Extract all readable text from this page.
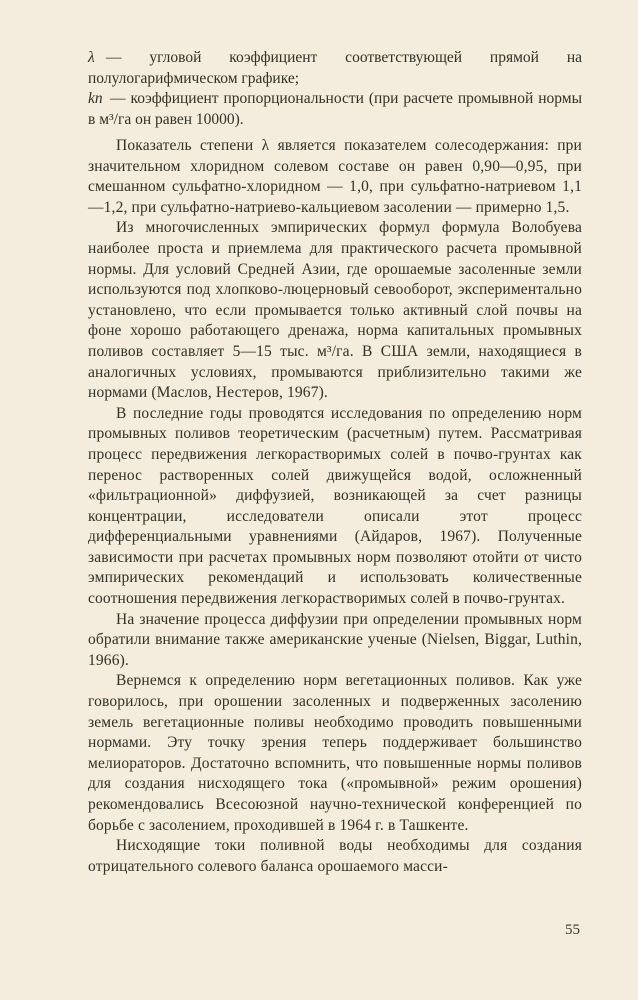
λ — угловой коэффициент соответствующей прямой на полулогарифмическом графике;
kп — коэффициент пропорциональности (при расчете промывной нормы в м³/га он равен 10000).

Показатель степени λ является показателем солесодержания: при значительном хлоридном солевом составе он равен 0,90—0,95, при смешанном сульфатно-хлоридном — 1,0, при сульфатно-натриевом 1,1—1,2, при сульфатно-натриево-кальциевом засолении — примерно 1,5.

Из многочисленных эмпирических формул формула Волобуева наиболее проста и приемлема для практического расчета промывной нормы. Для условий Средней Азии, где орошаемые засоленные земли используются под хлопково-люцерновый севооборот, экспериментально установлено, что если промывается только активный слой почвы на фоне хорошо работающего дренажа, норма капитальных промывных поливов составляет 5—15 тыс. м³/га. В США земли, находящиеся в аналогичных условиях, промываются приблизительно такими же нормами (Маслов, Нестеров, 1967).

В последние годы проводятся исследования по определению норм промывных поливов теоретическим (расчетным) путем. Рассматривая процесс передвижения легкорастворимых солей в почво-грунтах как перенос растворенных солей движущейся водой, осложненный «фильтрационной» диффузией, возникающей за счет разницы концентрации, исследователи описали этот процесс дифференциальными уравнениями (Айдаров, 1967). Полученные зависимости при расчетах промывных норм позволяют отойти от чисто эмпирических рекомендаций и использовать количественные соотношения передвижения легкорастворимых солей в почво-грунтах.

На значение процесса диффузии при определении промывных норм обратили внимание также американские ученые (Nielsen, Biggar, Luthin, 1966).

Вернемся к определению норм вегетационных поливов. Как уже говорилось, при орошении засоленных и подверженных засолению земель вегетационные поливы необходимо проводить повышенными нормами. Эту точку зрения теперь поддерживает большинство мелиораторов. Достаточно вспомнить, что повышенные нормы поливов для создания нисходящего тока («промывной» режим орошения) рекомендовались Всесоюзной научно-технической конференцией по борьбе с засолением, проходившей в 1964 г. в Ташкенте.

Нисходящие токи поливной воды необходимы для создания отрицательного солевого баланса орошаемого масси-

55
